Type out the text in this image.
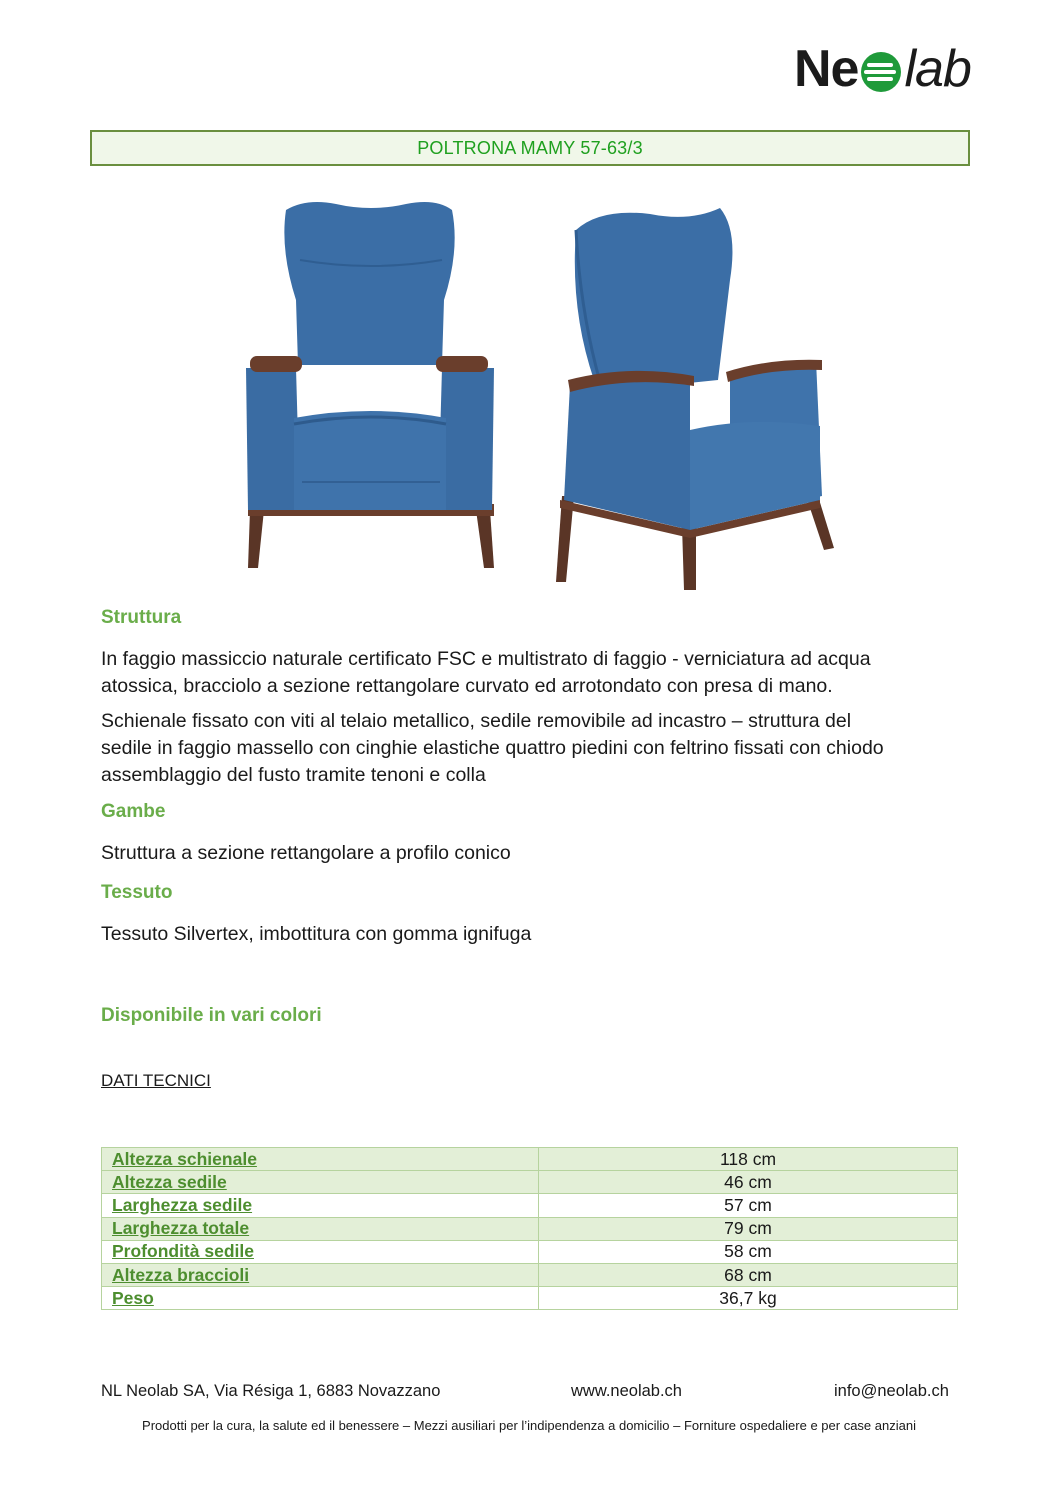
Ne lab
POLTRONA MAMY 57-63/3
Struttura

In faggio massiccio naturale certificato FSC e multistrato di faggio - verniciatura ad acqua
atossica, bracciolo a sezione rettangolare curvato ed arrotondato con presa di mano.

Schienale fissato con viti al telaio metallico, sedile removibile ad incastro – struttura del
sedile in faggio massello con cinghie elastiche quattro piedini con feltrino fissati con chiodo
assemblaggio del fusto tramite tenoni e colla

Gambe

Struttura a sezione rettangolare a profilo conico

Tessuto

Tessuto Silvertex, imbottitura con gomma ignifuga

Disponibile in vari colori
DATI TECNICI
Altezza schienale	118 cm
Altezza sedile	46 cm
Larghezza sedile	57 cm
Larghezza totale	79 cm
Profondità sedile	58 cm
Altezza braccioli	68 cm
Peso	36,7 kg
NL Neolab SA, Via Résiga 1, 6883 Novazzano	www.neolab.ch	info@neolab.ch
Prodotti per la cura, la salute ed il benessere – Mezzi ausiliari per l’indipendenza a domicilio – Forniture ospedaliere e per case anziani
